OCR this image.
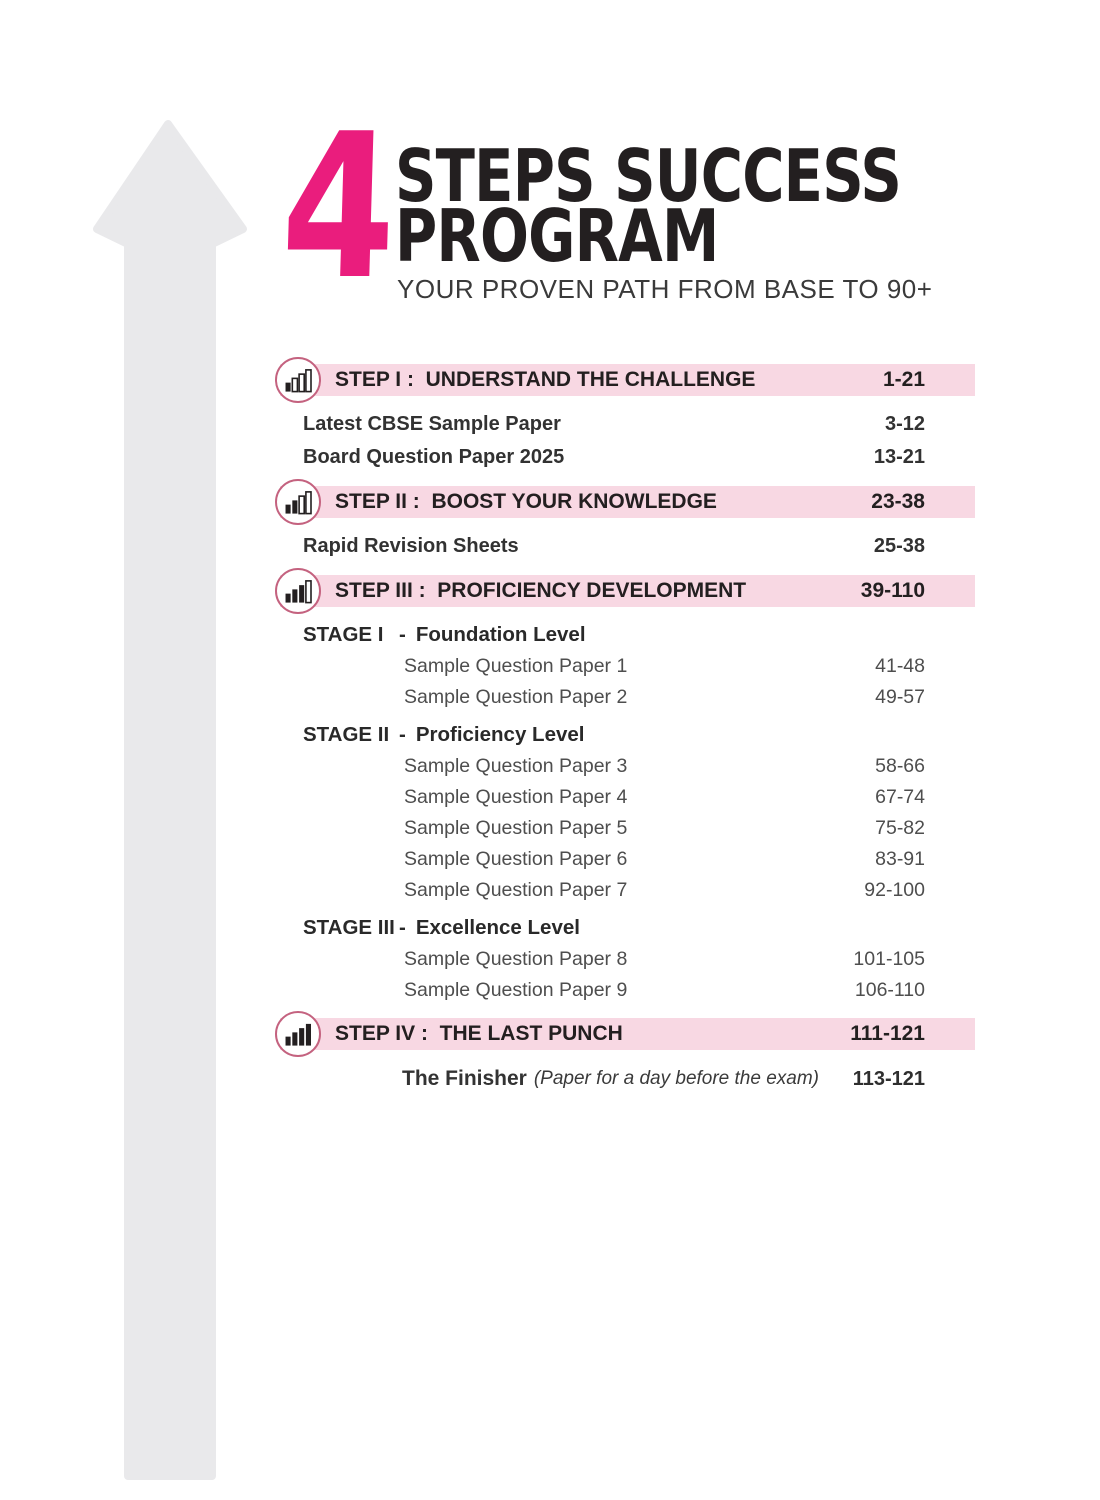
4
STEPS SUCCESS
PROGRAM
YOUR PROVEN PATH FROM BASE TO 90+
STEP I :  UNDERSTAND THE CHALLENGE	1-21
Latest CBSE Sample Paper	3-12
Board Question Paper 2025	13-21
STEP II :  BOOST YOUR KNOWLEDGE	23-38
Rapid Revision Sheets	25-38
STEP III :  PROFICIENCY DEVELOPMENT	39-110
STAGE I - Foundation Level
Sample Question Paper 1	41-48
Sample Question Paper 2	49-57
STAGE II - Proficiency Level
Sample Question Paper 3	58-66
Sample Question Paper 4	67-74
Sample Question Paper 5	75-82
Sample Question Paper 6	83-91
Sample Question Paper 7	92-100
STAGE III - Excellence Level
Sample Question Paper 8	101-105
Sample Question Paper 9	106-110
STEP IV :  THE LAST PUNCH	111-121
The Finisher (Paper for a day before the exam) 113-121
